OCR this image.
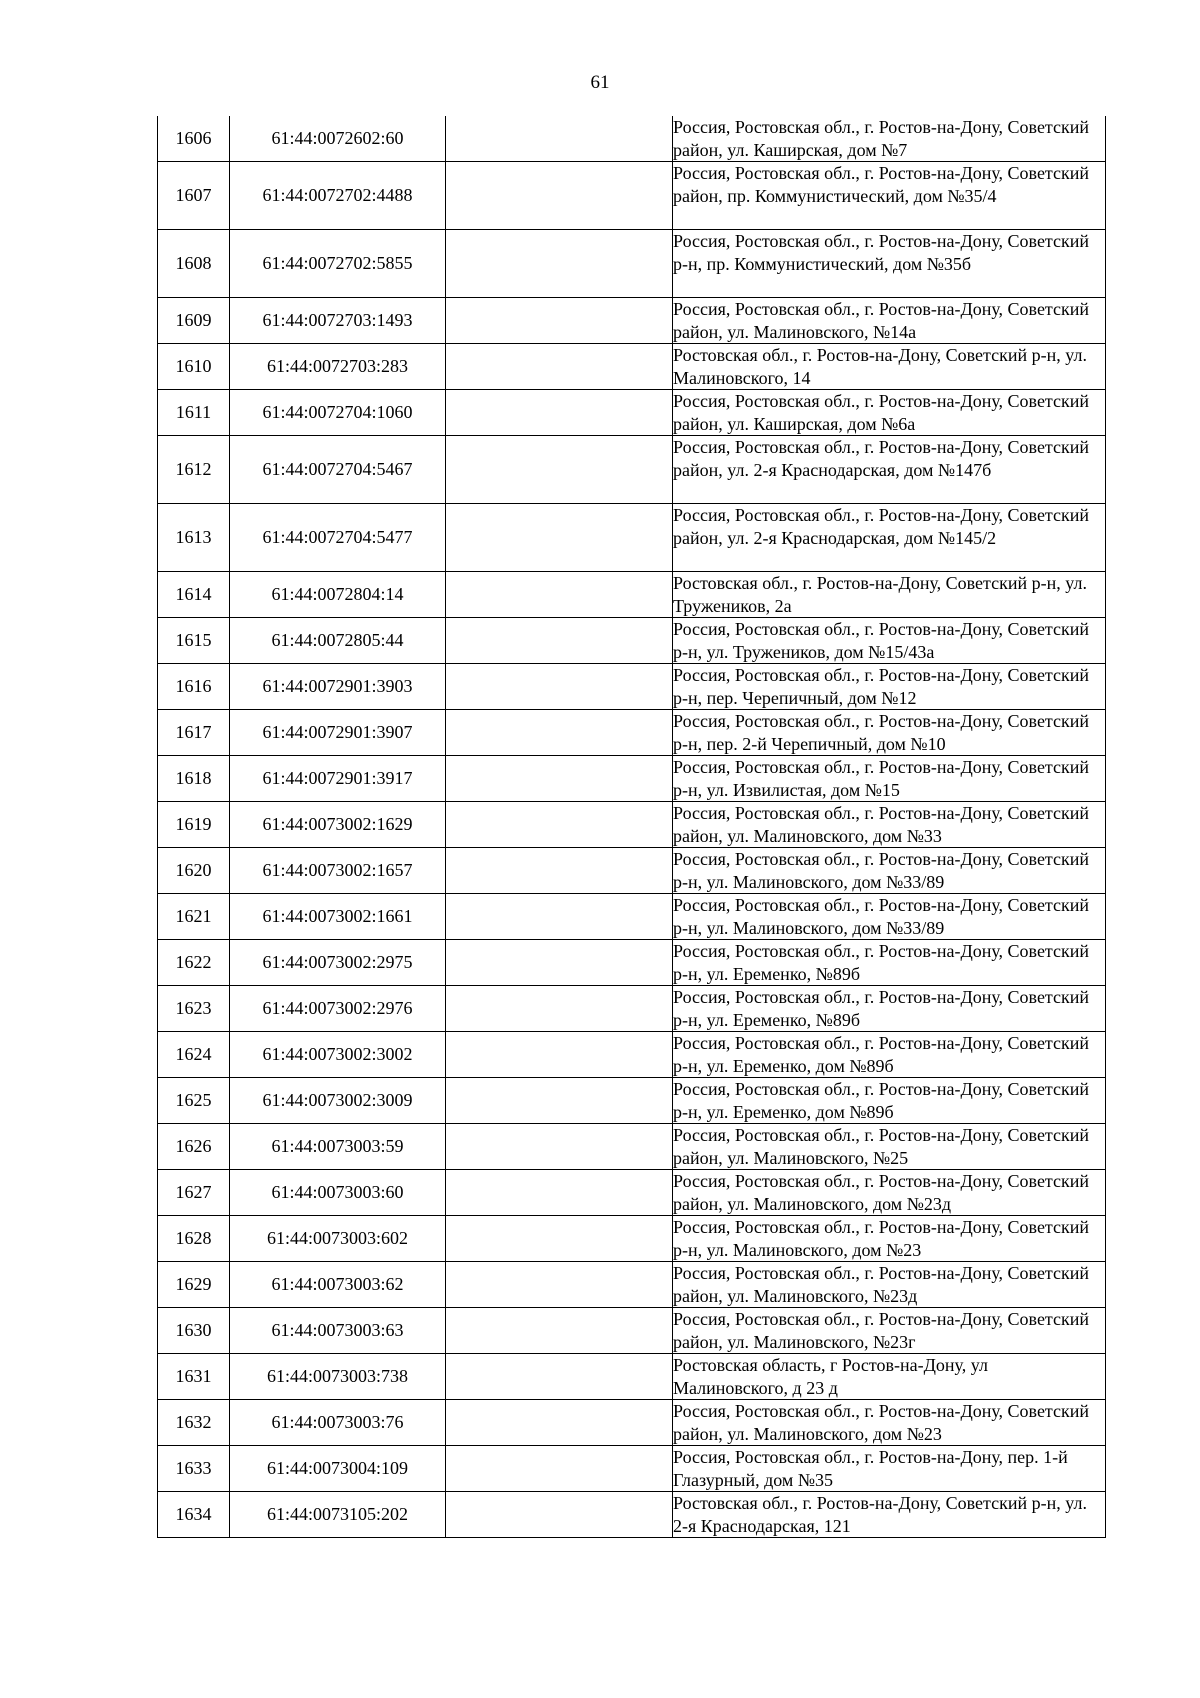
61
1606	61:44:0072602:60		Россия, Ростовская обл., г. Ростов-на-Дону, Советский район, ул. Каширская, дом №7
1607	61:44:0072702:4488		Россия, Ростовская обл., г. Ростов-на-Дону, Советский район, пр. Коммунистический, дом №35/4
1608	61:44:0072702:5855		Россия, Ростовская обл., г. Ростов-на-Дону, Советский р-н, пр. Коммунистический, дом №35б
1609	61:44:0072703:1493		Россия, Ростовская обл., г. Ростов-на-Дону, Советский район, ул. Малиновского, №14а
1610	61:44:0072703:283		Ростовская обл., г. Ростов-на-Дону, Советский р-н, ул. Малиновского, 14
1611	61:44:0072704:1060		Россия, Ростовская обл., г. Ростов-на-Дону, Советский район, ул. Каширская, дом №6а
1612	61:44:0072704:5467		Россия, Ростовская обл., г. Ростов-на-Дону, Советский район, ул. 2-я Краснодарская, дом №147б
1613	61:44:0072704:5477		Россия, Ростовская обл., г. Ростов-на-Дону, Советский район, ул. 2-я Краснодарская, дом №145/2
1614	61:44:0072804:14		Ростовская обл., г. Ростов-на-Дону, Советский р-н, ул. Тружеников, 2а
1615	61:44:0072805:44		Россия, Ростовская обл., г. Ростов-на-Дону, Советский р-н, ул. Тружеников, дом №15/43а
1616	61:44:0072901:3903		Россия, Ростовская обл., г. Ростов-на-Дону, Советский р-н, пер. Черепичный, дом №12
1617	61:44:0072901:3907		Россия, Ростовская обл., г. Ростов-на-Дону, Советский р-н, пер. 2-й Черепичный, дом №10
1618	61:44:0072901:3917		Россия, Ростовская обл., г. Ростов-на-Дону, Советский р-н, ул. Извилистая, дом №15
1619	61:44:0073002:1629		Россия, Ростовская обл., г. Ростов-на-Дону, Советский район, ул. Малиновского, дом №33
1620	61:44:0073002:1657		Россия, Ростовская обл., г. Ростов-на-Дону, Советский р-н, ул. Малиновского, дом №33/89
1621	61:44:0073002:1661		Россия, Ростовская обл., г. Ростов-на-Дону, Советский р-н, ул. Малиновского, дом №33/89
1622	61:44:0073002:2975		Россия, Ростовская обл., г. Ростов-на-Дону, Советский р-н, ул. Еременко, №89б
1623	61:44:0073002:2976		Россия, Ростовская обл., г. Ростов-на-Дону, Советский р-н, ул. Еременко, №89б
1624	61:44:0073002:3002		Россия, Ростовская обл., г. Ростов-на-Дону, Советский р-н, ул. Еременко, дом №89б
1625	61:44:0073002:3009		Россия, Ростовская обл., г. Ростов-на-Дону, Советский р-н, ул. Еременко, дом №89б
1626	61:44:0073003:59		Россия, Ростовская обл., г. Ростов-на-Дону, Советский район, ул. Малиновского, №25
1627	61:44:0073003:60		Россия, Ростовская обл., г. Ростов-на-Дону, Советский район, ул. Малиновского, дом №23д
1628	61:44:0073003:602		Россия, Ростовская обл., г. Ростов-на-Дону, Советский р-н, ул. Малиновского, дом №23
1629	61:44:0073003:62		Россия, Ростовская обл., г. Ростов-на-Дону, Советский район, ул. Малиновского, №23д
1630	61:44:0073003:63		Россия, Ростовская обл., г. Ростов-на-Дону, Советский район, ул. Малиновского, №23г
1631	61:44:0073003:738		Ростовская область, г Ростов-на-Дону, ул Малиновского, д 23 д
1632	61:44:0073003:76		Россия, Ростовская обл., г. Ростов-на-Дону, Советский район, ул. Малиновского, дом №23
1633	61:44:0073004:109		Россия, Ростовская обл., г. Ростов-на-Дону, пер. 1-й Глазурный, дом №35
1634	61:44:0073105:202		Ростовская обл., г. Ростов-на-Дону, Советский р-н, ул. 2-я Краснодарская, 121
